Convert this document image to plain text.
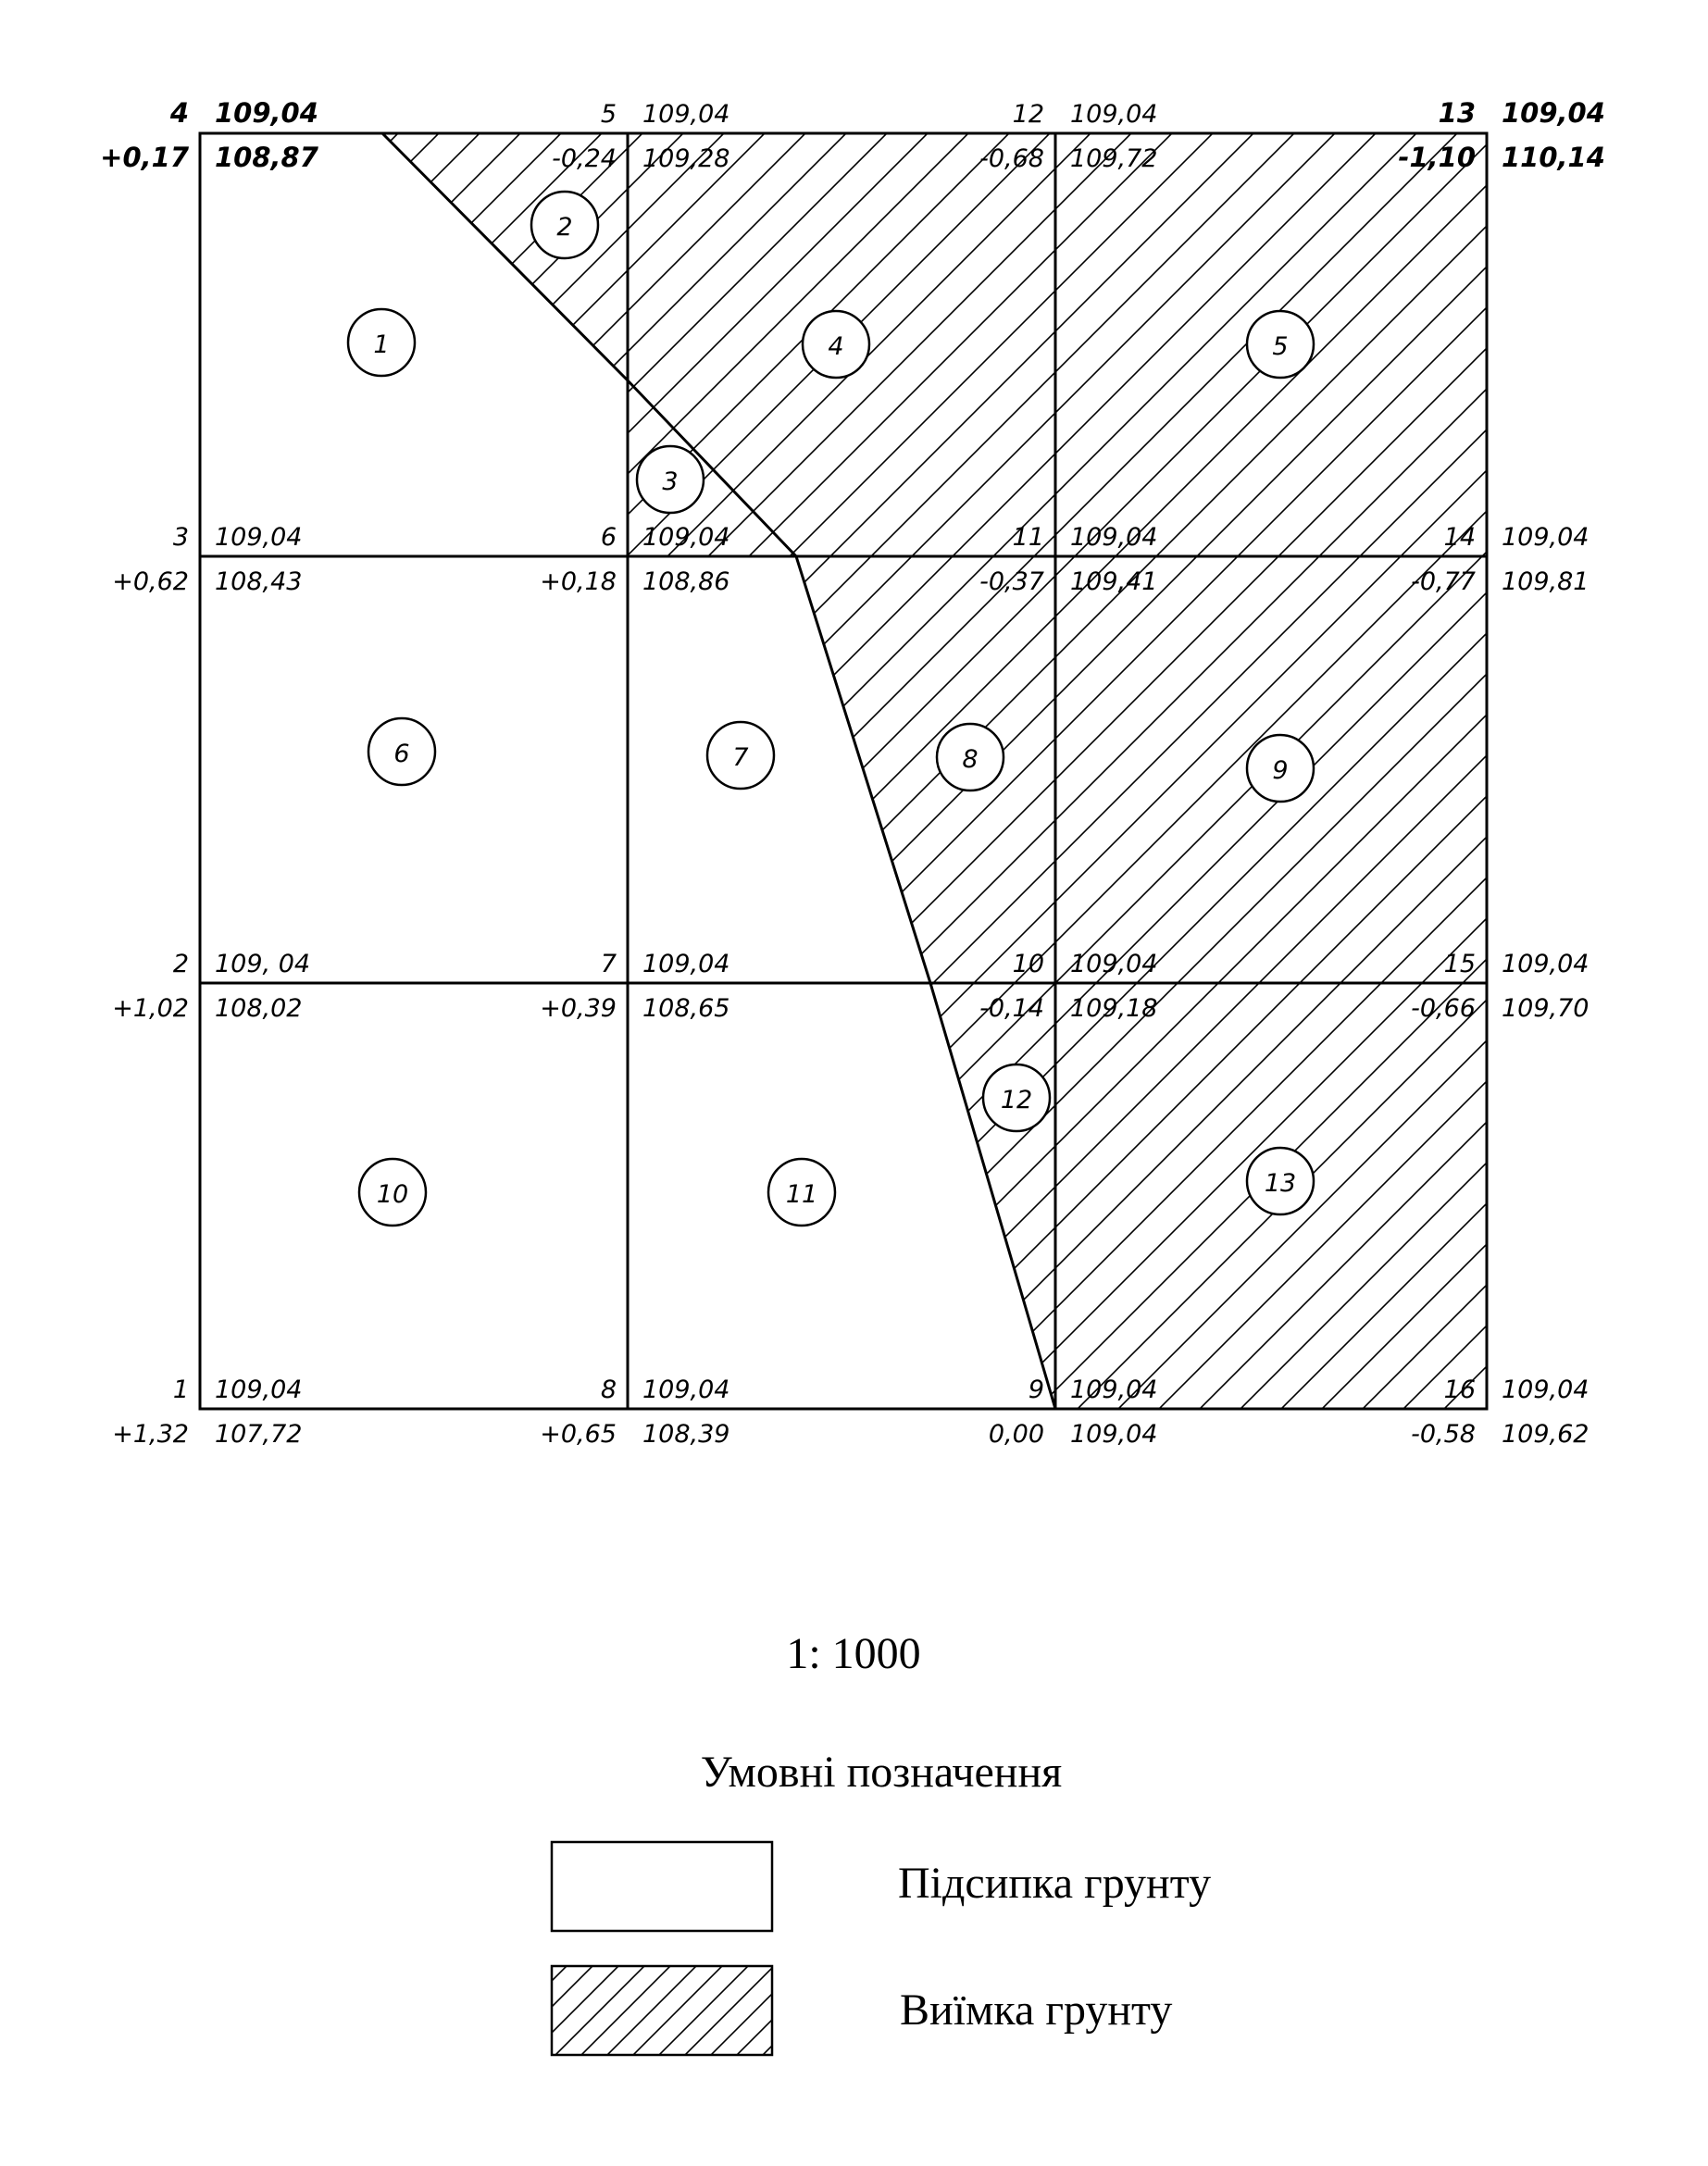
1
+1,32
109,04
107,72
2
+1,02
109, 04
108,02
3
+0,62
109,04
108,43
4
+0,17
109,04
108,87
5
-0,24
109,04
109,28
6
+0,18
109,04
108,86
7
+0,39
109,04
108,65
8
+0,65
109,04
108,39
9
0,00
109,04
109,04
10
-0,14
109,04
109,18
11
-0,37
109,04
109,41
12
-0,68
109,04
109,72
13
-1,10
109,04
110,14
14
-0,77
109,04
109,81
15
-0,66
109,04
109,70
16
-0,58
109,04
109,62
1
2
3
4	5
6	7	8	9
10	11
12
13
1: 1000
Умовні позначення
Підсипка грунту
Виїмка грунту
